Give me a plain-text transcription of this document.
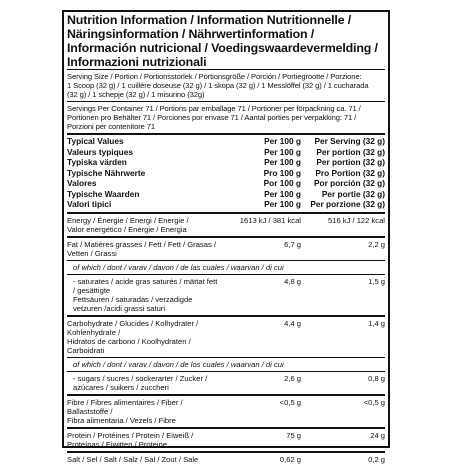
Nutrition Information / Information Nutritionnelle /
Näringsinformation / Nährwertinformation /
Información nutricional / Voedingswaardevermelding /
Informazioni nutrizionali
Serving Size / Portion / Portionsstorlek / Portionsgröße / Porción / Portiegrootte / Porzione:
1 Scoop (32 g) / 1 cuillère doseuse (32 g) / 1 skopa (32 g) / 1 Messlöffel (32 g) / 1 cucharada
(32 g) / 1 schepje (32 g) / 1 misurino (32g)
Servings Per Container 71 / Portions par emballage 71 / Portioner per förpackning ca. 71 /
Portionen pro Behälter 71 / Porciones por envase 71 / Aantal porties per verpakking: 71 /
Porzioni per contenitore 71
Typical Values	Per 100 g	Per Serving (32 g)
Valeurs typiques	Per 100 g	Per portion (32 g)
Typiska värden	Per 100 g	Per portion (32 g)
Typische Nährwerte	Pro 100 g	Pro Portion (32 g)
Valores	Por 100 g	Por porción (32 g)
Typische Waarden	Per 100 g	Per portie (32 g)
Valori tipici	Per 100 g	Per porzione (32 g)
Energy / Énergie / Energi / Energie /
Valor energético / Energie / Energia
1613 kJ / 381 kcal	516 kJ / 122 kcal
Fat / Matières grasses / Fett / Fett / Grasas / Vetten / Grassi
6,7 g	2,2 g
of which / dont / varav / davon / de las cuales / waarvan / di cui
- saturates / acide gras saturés / mättat fett / gesättigte
Fettsäuren / saturadas / verzadigde vetzuren /acidi grassi saturi
4,8 g	1,5 g
Carbohydrate / Glucides / Kolhydrater / Kohlenhydrate /
Hidratos de carbono / Koolhydraten / Carboidrati
4,4 g	1,4 g
of which / dont / varav / davon / de los cuales / waarvan / di cui
- sugars / sucres / sockerarter / Zucker /
azúcares / suikers / zuccheri
2,6 g	0,8 g
Fibre / Fibres alimentaires / Fiber / Ballaststoffe /
Fibra alimentaria / Vezels / Fibre
<0,5 g	<0,5 g
Protein / Protéines / Protein / Eiweiß /
Proteínas / Eiwitten / Proteine
75 g	24 g
Salt / Sel / Salt / Salz / Sal / Zout / Sale	0,62 g	0,2 g
